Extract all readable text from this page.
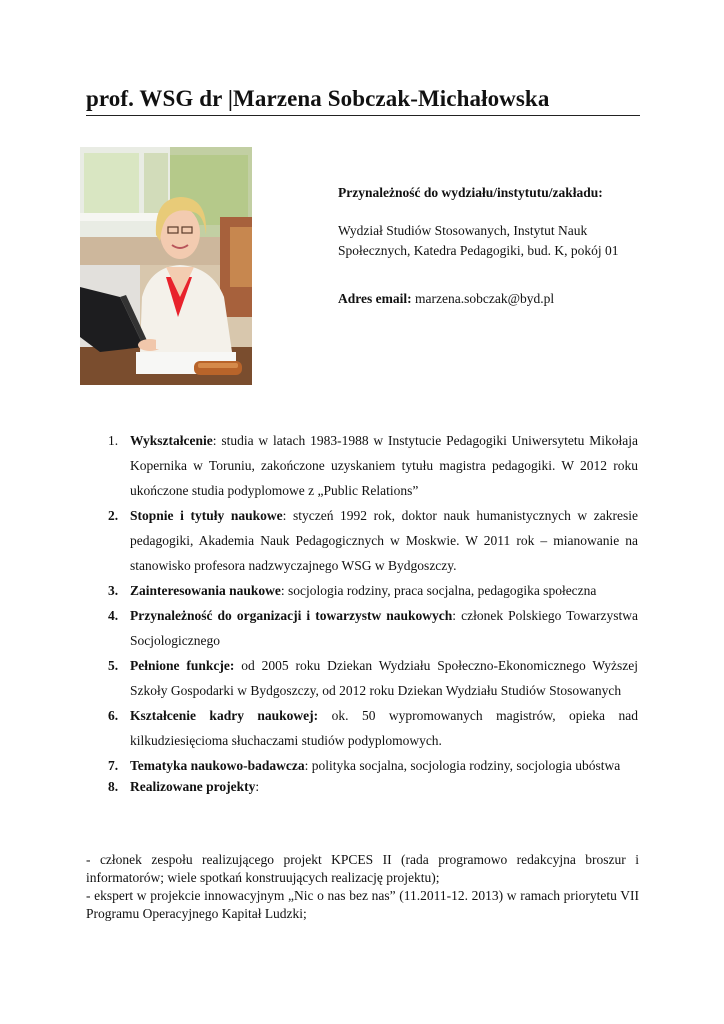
prof. WSG dr |Marzena Sobczak-Michałowska
Przynależność do wydziału/instytutu/zakładu:
Wydział Studiów Stosowanych, Instytut Nauk Społecznych, Katedra Pedagogiki, bud. K, pokój 01
Adres email: marzena.sobczak@byd.pl
1. Wykształcenie: studia w latach 1983-1988 w Instytucie Pedagogiki Uniwersytetu Mikołaja Kopernika w Toruniu, zakończone uzyskaniem tytułu magistra pedagogiki. W 2012 roku ukończone studia podyplomowe z „Public Relations”
2. Stopnie i tytuły naukowe: styczeń 1992 rok, doktor nauk humanistycznych w zakresie pedagogiki, Akademia Nauk Pedagogicznych w Moskwie. W 2011 rok – mianowanie na stanowisko profesora nadzwyczajnego WSG w Bydgoszczy.
3. Zainteresowania naukowe: socjologia rodziny, praca socjalna, pedagogika społeczna
4. Przynależność do organizacji i towarzystw naukowych: członek Polskiego Towarzystwa Socjologicznego
5. Pełnione funkcje: od 2005 roku Dziekan Wydziału Społeczno-Ekonomicznego Wyższej Szkoły Gospodarki w Bydgoszczy, od 2012 roku Dziekan Wydziału Studiów Stosowanych
6. Kształcenie kadry naukowej: ok. 50 wypromowanych magistrów, opieka nad kilkudziesięcioma słuchaczami studiów podyplomowych.
7. Tematyka naukowo-badawcza: polityka socjalna, socjologia rodziny, socjologia ubóstwa
8. Realizowane projekty:

- członek zespołu realizującego projekt KPCES II (rada programowo redakcyjna broszur i informatorów; wiele spotkań konstruujących realizację projektu);

- ekspert w projekcie innowacyjnym „Nic o nas bez nas” (11.2011-12. 2013) w ramach priorytetu VII Programu Operacyjnego Kapitał Ludzki;
